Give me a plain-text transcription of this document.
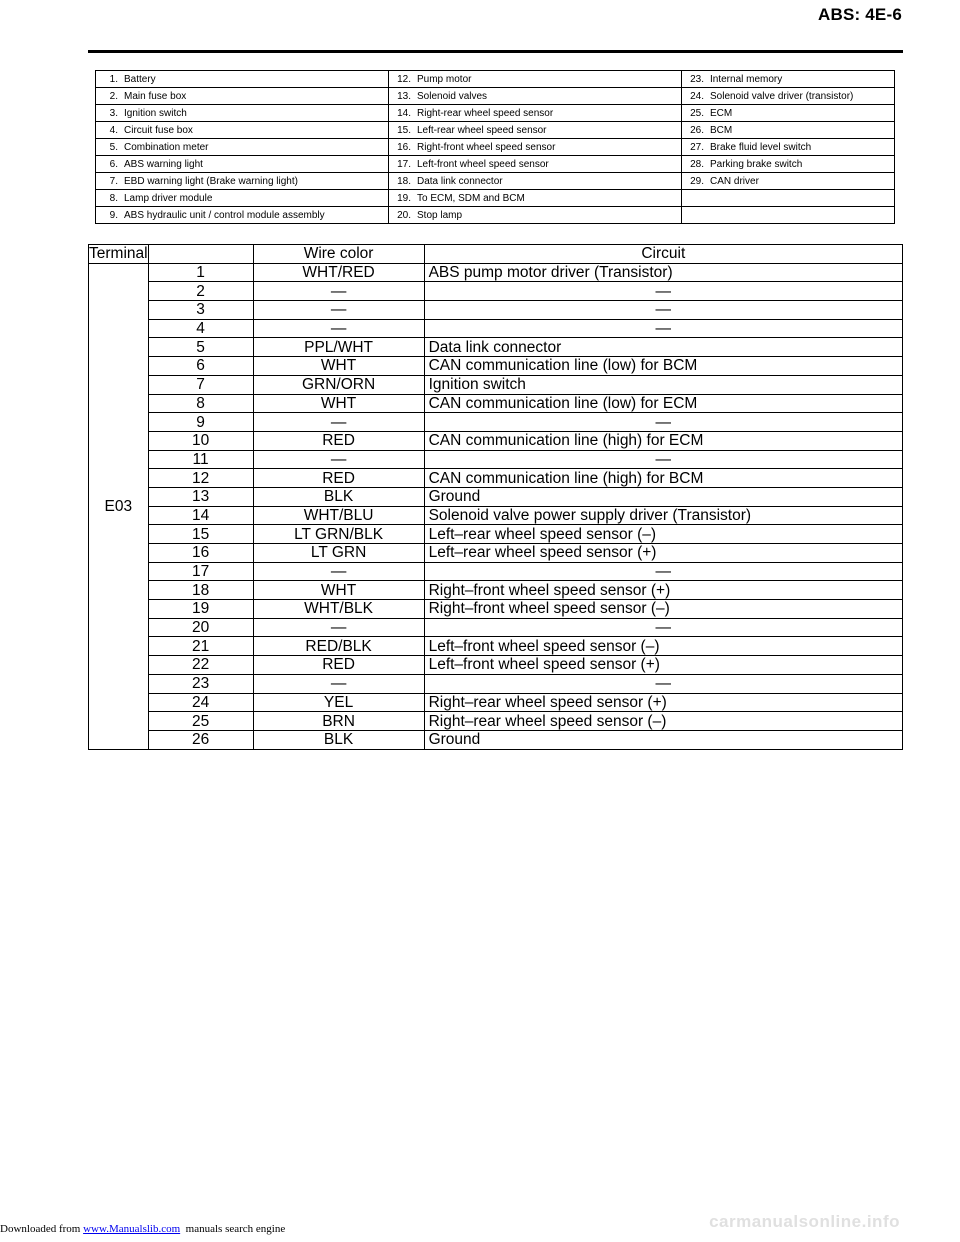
ABS: 4E-6
1. Battery	12. Pump motor	23. Internal memory
2. Main fuse box	13. Solenoid valves	24. Solenoid valve driver (transistor)
3. Ignition switch	14. Right-rear wheel speed sensor	25. ECM
4. Circuit fuse box	15. Left-rear wheel speed sensor	26. BCM
5. Combination meter	16. Right-front wheel speed sensor	27. Brake fluid level switch
6. ABS warning light	17. Left-front wheel speed sensor	28. Parking brake switch
7. EBD warning light (Brake warning light)	18. Data link connector	29. CAN driver
8. Lamp driver module	19. To ECM, SDM and BCM	
9. ABS hydraulic unit / control module assembly	20. Stop lamp	
Terminal		Wire color	Circuit
E03	1	WHT/RED	ABS pump motor driver (Transistor)
	2	—	—
	3	—	—
	4	—	—
	5	PPL/WHT	Data link connector
	6	WHT	CAN communication line (low) for BCM
	7	GRN/ORN	Ignition switch
	8	WHT	CAN communication line (low) for ECM
	9	—	—
	10	RED	CAN communication line (high) for ECM
	11	—	—
	12	RED	CAN communication line (high) for BCM
	13	BLK	Ground
	14	WHT/BLU	Solenoid valve power supply driver (Transistor)
	15	LT GRN/BLK	Left–rear wheel speed sensor (–)
	16	LT GRN	Left–rear wheel speed sensor (+)
	17	—	—
	18	WHT	Right–front wheel speed sensor (+)
	19	WHT/BLK	Right–front wheel speed sensor (–)
	20	—	—
	21	RED/BLK	Left–front wheel speed sensor (–)
	22	RED	Left–front wheel speed sensor (+)
	23	—	—
	24	YEL	Right–rear wheel speed sensor (+)
	25	BRN	Right–rear wheel speed sensor (–)
	26	BLK	Ground
Downloaded from www.Manualslib.com  manuals search engine	carmanualsonline.info
